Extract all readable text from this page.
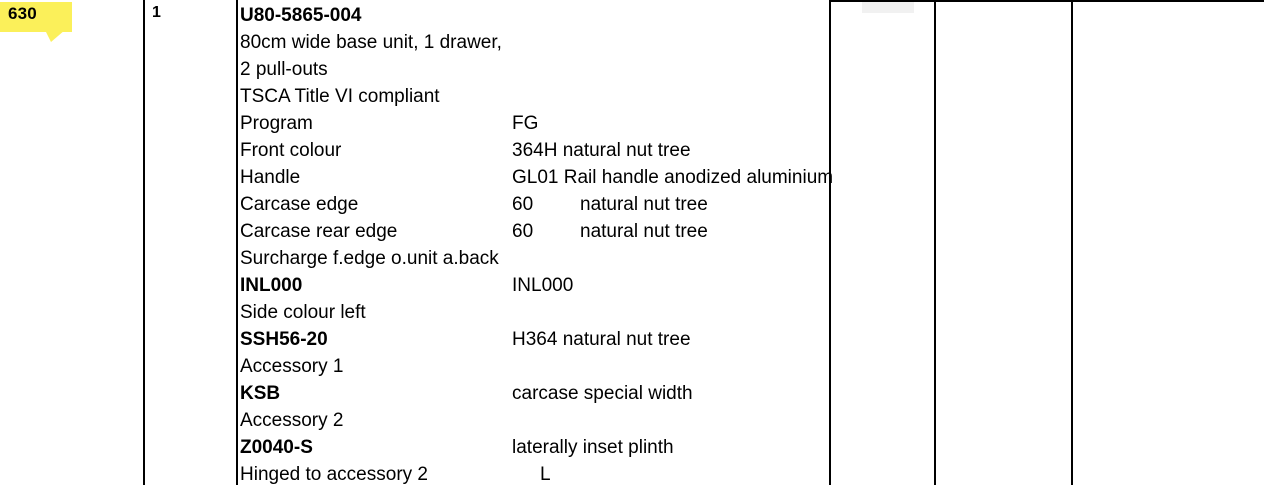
630	1	U80-5865-004
80cm wide base unit, 1 drawer,
2 pull-outs
TSCA Title VI compliant
Program	FG
Front colour	364H natural nut tree
Handle	GL01 Rail handle anodized aluminium
Carcase edge	60 natural nut tree
Carcase rear edge	60 natural nut tree
Surcharge f.edge o.unit a.back
INL000	INL000
Side colour left
SSH56-20	H364 natural nut tree
Accessory 1
KSB	carcase special width
Accessory 2
Z0040-S	laterally inset plinth
Hinged to accessory 2	L
